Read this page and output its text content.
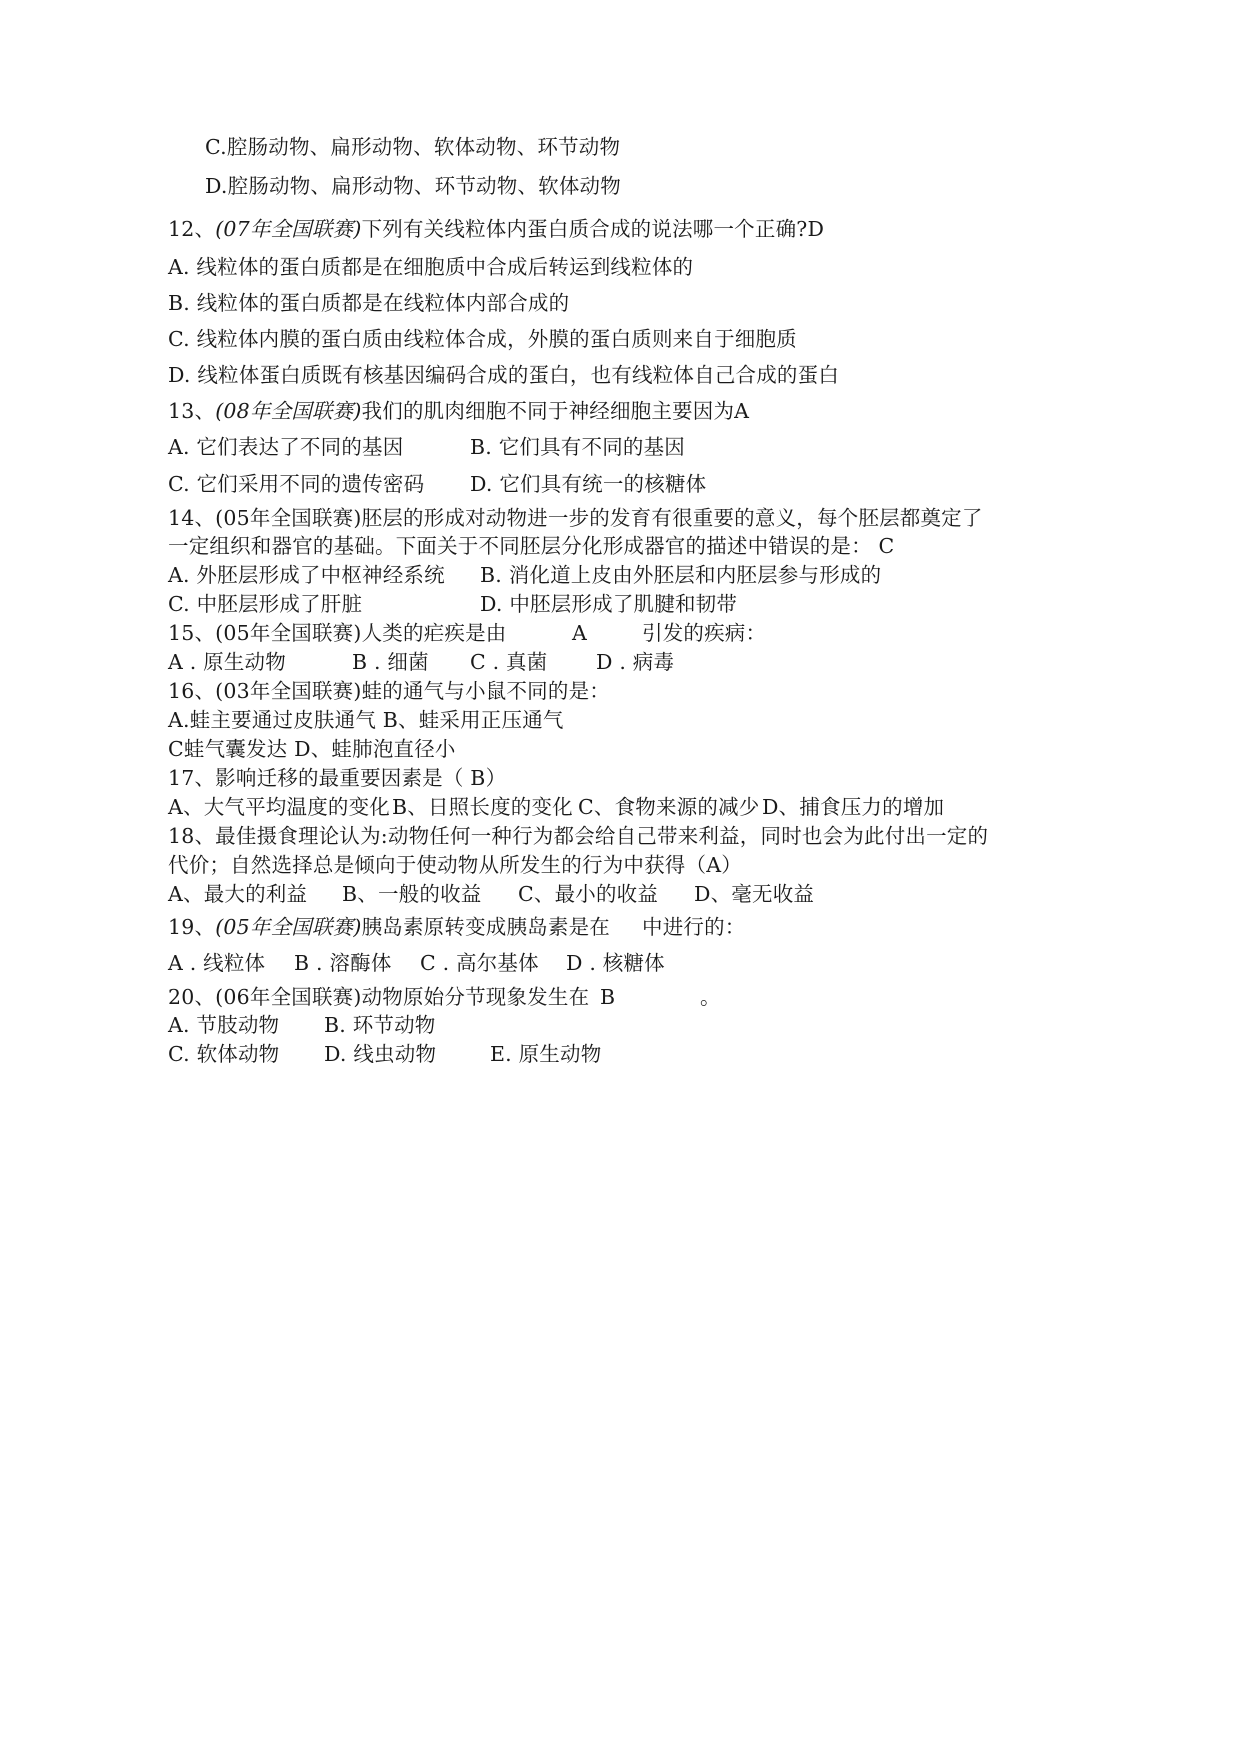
C.腔肠动物、扁形动物、软体动物、环节动物
D.腔肠动物、扁形动物、环节动物、软体动物
12、(07年全国联赛)下列有关线粒体内蛋白质合成的说法哪一个正确?D
A. 线粒体的蛋白质都是在细胞质中合成后转运到线粒体的
B. 线粒体的蛋白质都是在线粒体内部合成的
C. 线粒体内膜的蛋白质由线粒体合成，外膜的蛋白质则来自于细胞质
D. 线粒体蛋白质既有核基因编码合成的蛋白，也有线粒体自己合成的蛋白
13、(08年全国联赛)我们的肌肉细胞不同于神经细胞主要因为A
A. 它们表达了不同的基因	B. 它们具有不同的基因
C. 它们采用不同的遗传密码 D. 它们具有统一的核糖体
14、(05年全国联赛)胚层的形成对动物进一步的发育有很重要的意义，每个胚层都奠定了
一定组织和器官的基础。下面关于不同胚层分化形成器官的描述中错误的是： C
A. 外胚层形成了中枢神经系统 B. 消化道上皮由外胚层和内胚层参与形成的
C. 中胚层形成了肝脏	D. 中胚层形成了肌腱和韧带
15、(05年全国联赛)人类的疟疾是由	A	引发的疾病：
A . 原生动物	B . 细菌 C . 真菌 D . 病毒
16、(03年全国联赛)蛙的通气与小鼠不同的是：
A.蛙主要通过皮肤通气 B、蛙采用正压通气
C蛙气囊发达 D、蛙肺泡直径小
17、影响迁移的最重要因素是（ B）
A、大气平均温度的变化 B、日照长度的变化 C、食物来源的减少 D、捕食压力的增加
18、最佳摄食理论认为:动物任何一种行为都会给自己带来利益，同时也会为此付出一定的
代价；自然选择总是倾向于使动物从所发生的行为中获得（A）
A、最大的利益 B、一般的收益 C、最小的收益 D、毫无收益
19、(05年全国联赛)胰岛素原转变成胰岛素是在 中进行的：
A . 线粒体 B . 溶酶体 C . 高尔基体 D . 核糖体
20、(06年全国联赛)动物原始分节现象发生在 B	。
A. 节肢动物 B. 环节动物
C. 软体动物 D. 线虫动物	E. 原生动物
